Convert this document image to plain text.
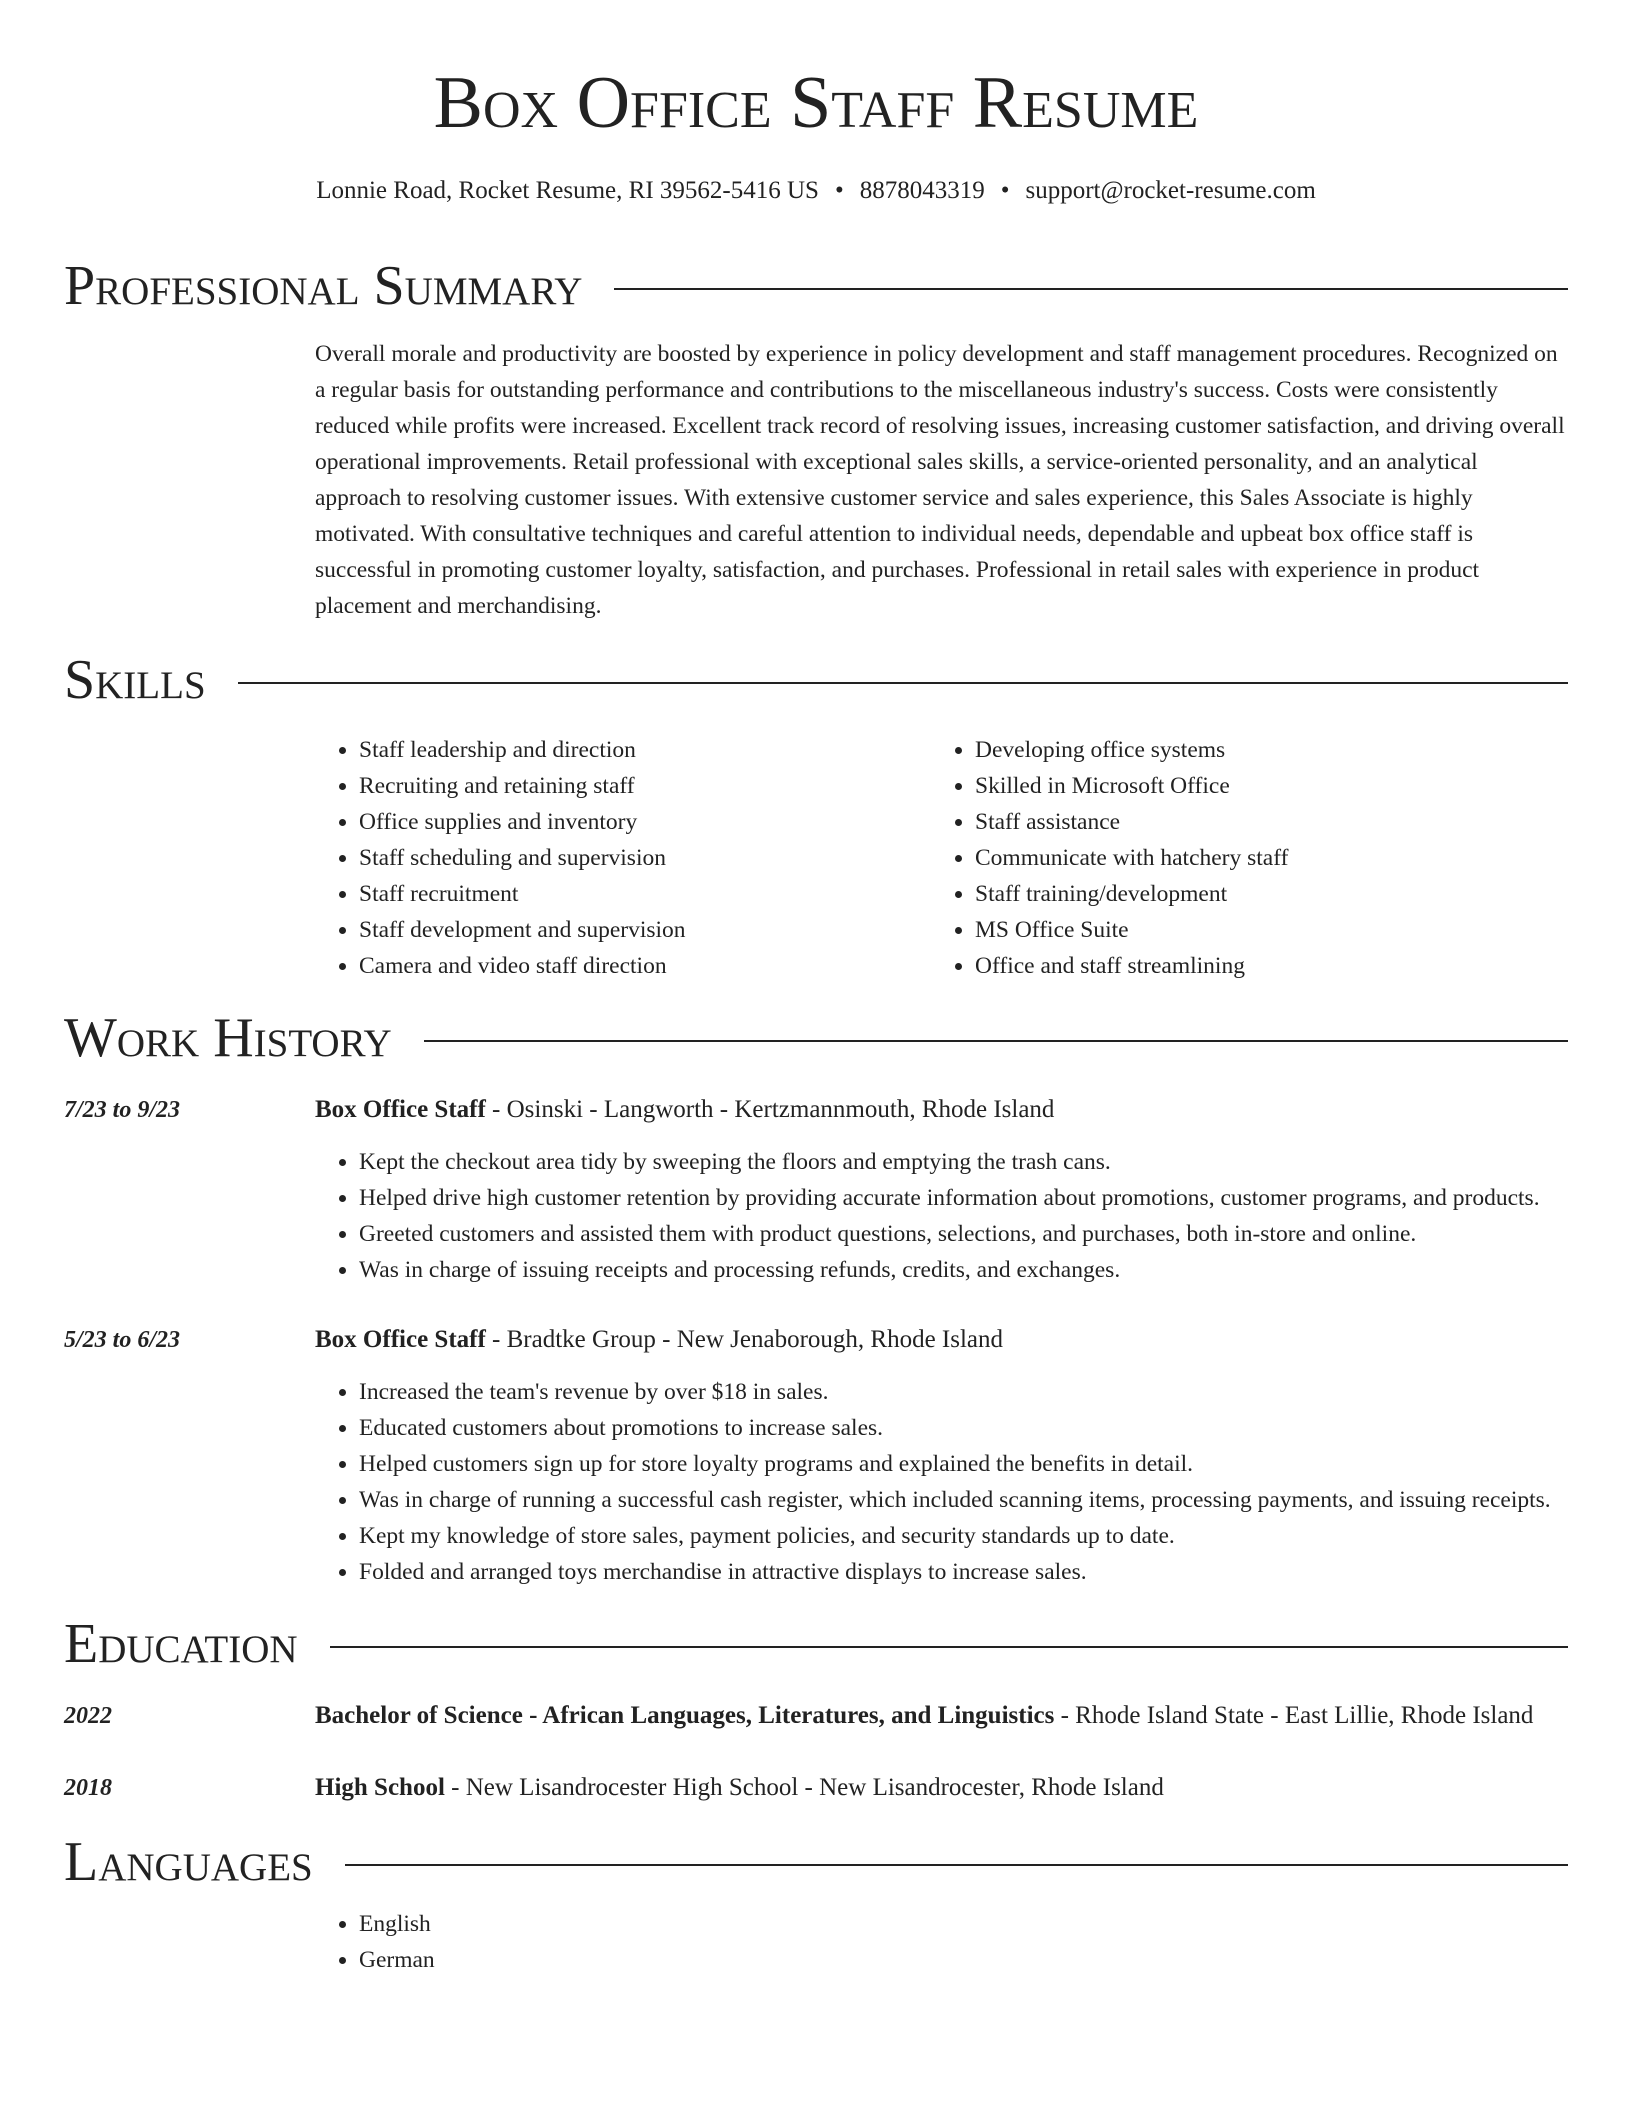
Box Office Staff Resume
Lonnie Road, Rocket Resume, RI 39562-5416 US • 8878043319 • support@rocket-resume.com
Professional Summary

Overall morale and productivity are boosted by experience in policy development and staff management procedures. Recognized on a regular basis for outstanding performance and contributions to the miscellaneous industry's success. Costs were consistently reduced while profits were increased. Excellent track record of resolving issues, increasing customer satisfaction, and driving overall operational improvements. Retail professional with exceptional sales skills, a service-oriented personality, and an analytical approach to resolving customer issues. With extensive customer service and sales experience, this Sales Associate is highly motivated. With consultative techniques and careful attention to individual needs, dependable and upbeat box office staff is successful in promoting customer loyalty, satisfaction, and purchases. Professional in retail sales with experience in product placement and merchandising.

Skills
• Staff leadership and direction
• Recruiting and retaining staff
• Office supplies and inventory
• Staff scheduling and supervision
• Staff recruitment
• Staff development and supervision
• Camera and video staff direction
• Developing office systems
• Skilled in Microsoft Office
• Staff assistance
• Communicate with hatchery staff
• Staff training/development
• MS Office Suite
• Office and staff streamlining
Work History
7/23 to 9/23	Box Office Staff - Osinski - Langworth - Kertzmannmouth, Rhode Island
• Kept the checkout area tidy by sweeping the floors and emptying the trash cans.
• Helped drive high customer retention by providing accurate information about promotions, customer programs, and products.
• Greeted customers and assisted them with product questions, selections, and purchases, both in-store and online.
• Was in charge of issuing receipts and processing refunds, credits, and exchanges.
5/23 to 6/23	Box Office Staff - Bradtke Group - New Jenaborough, Rhode Island
• Increased the team's revenue by over $18 in sales.
• Educated customers about promotions to increase sales.
• Helped customers sign up for store loyalty programs and explained the benefits in detail.
• Was in charge of running a successful cash register, which included scanning items, processing payments, and issuing receipts.
• Kept my knowledge of store sales, payment policies, and security standards up to date.
• Folded and arranged toys merchandise in attractive displays to increase sales.
Education
2022	Bachelor of Science - African Languages, Literatures, and Linguistics - Rhode Island State - East Lillie, Rhode Island
2018	High School - New Lisandrocester High School - New Lisandrocester, Rhode Island
Languages
• English
• German
